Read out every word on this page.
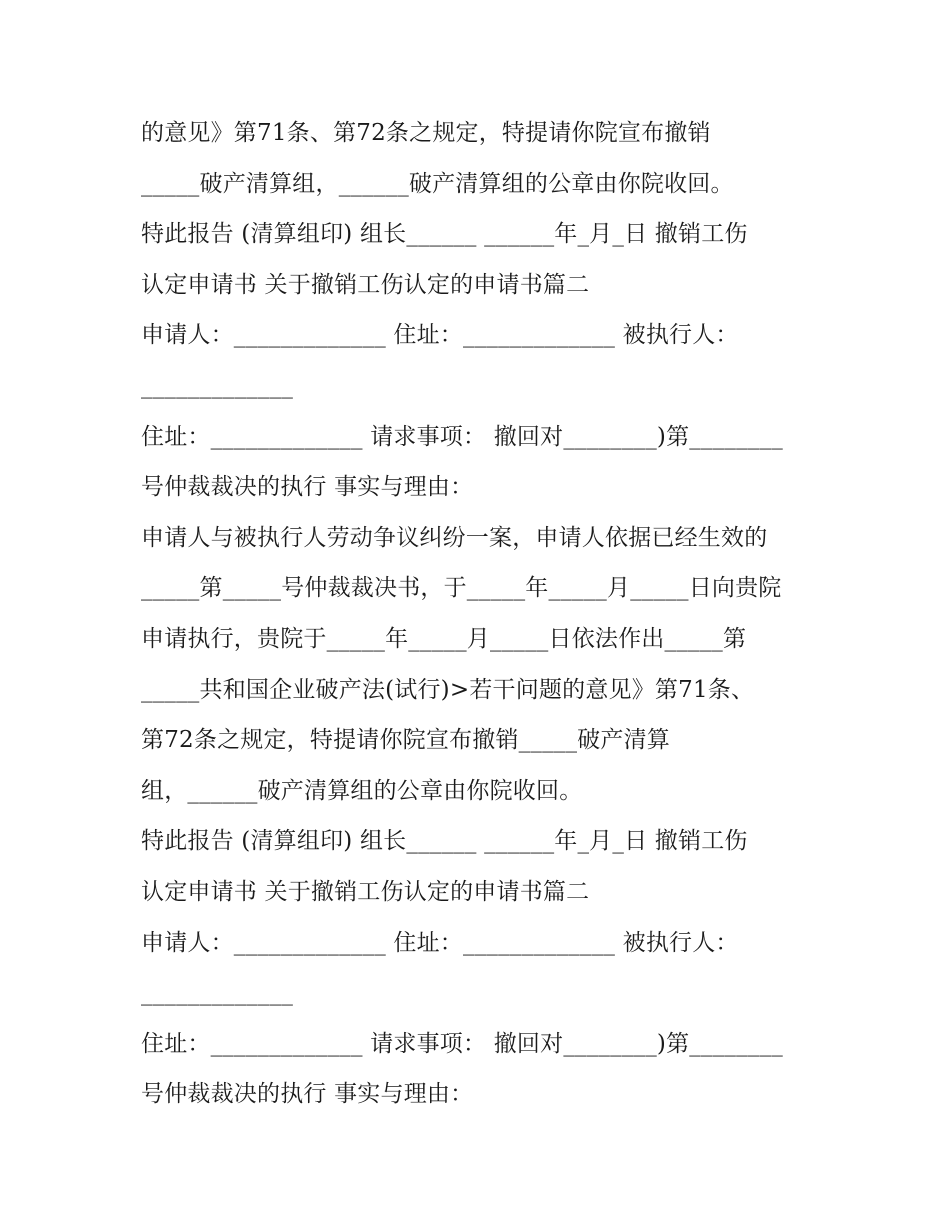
的意见》第71条、第72条之规定，特提请你院宣布撤销
_____破产清算组，______破产清算组的公章由你院收回。
特此报告 (清算组印) 组长______ ______年_月_日 撤销工伤
认定申请书 关于撤销工伤认定的申请书篇二
申请人：_____________ 住址：_____________ 被执行人：
_____________
住址：_____________ 请求事项： 撤回对________)第________
号仲裁裁决的执行 事实与理由：
申请人与被执行人劳动争议纠纷一案，申请人依据已经生效的
_____第_____号仲裁裁决书，于_____年_____月_____日向贵院
申请执行，贵院于_____年_____月_____日依法作出_____第
_____共和国企业破产法(试行)>若干问题的意见》第71条、
第72条之规定，特提请你院宣布撤销_____破产清算
组，______破产清算组的公章由你院收回。
特此报告 (清算组印) 组长______ ______年_月_日 撤销工伤
认定申请书 关于撤销工伤认定的申请书篇二
申请人：_____________ 住址：_____________ 被执行人：
_____________
住址：_____________ 请求事项： 撤回对________)第________
号仲裁裁决的执行 事实与理由：
